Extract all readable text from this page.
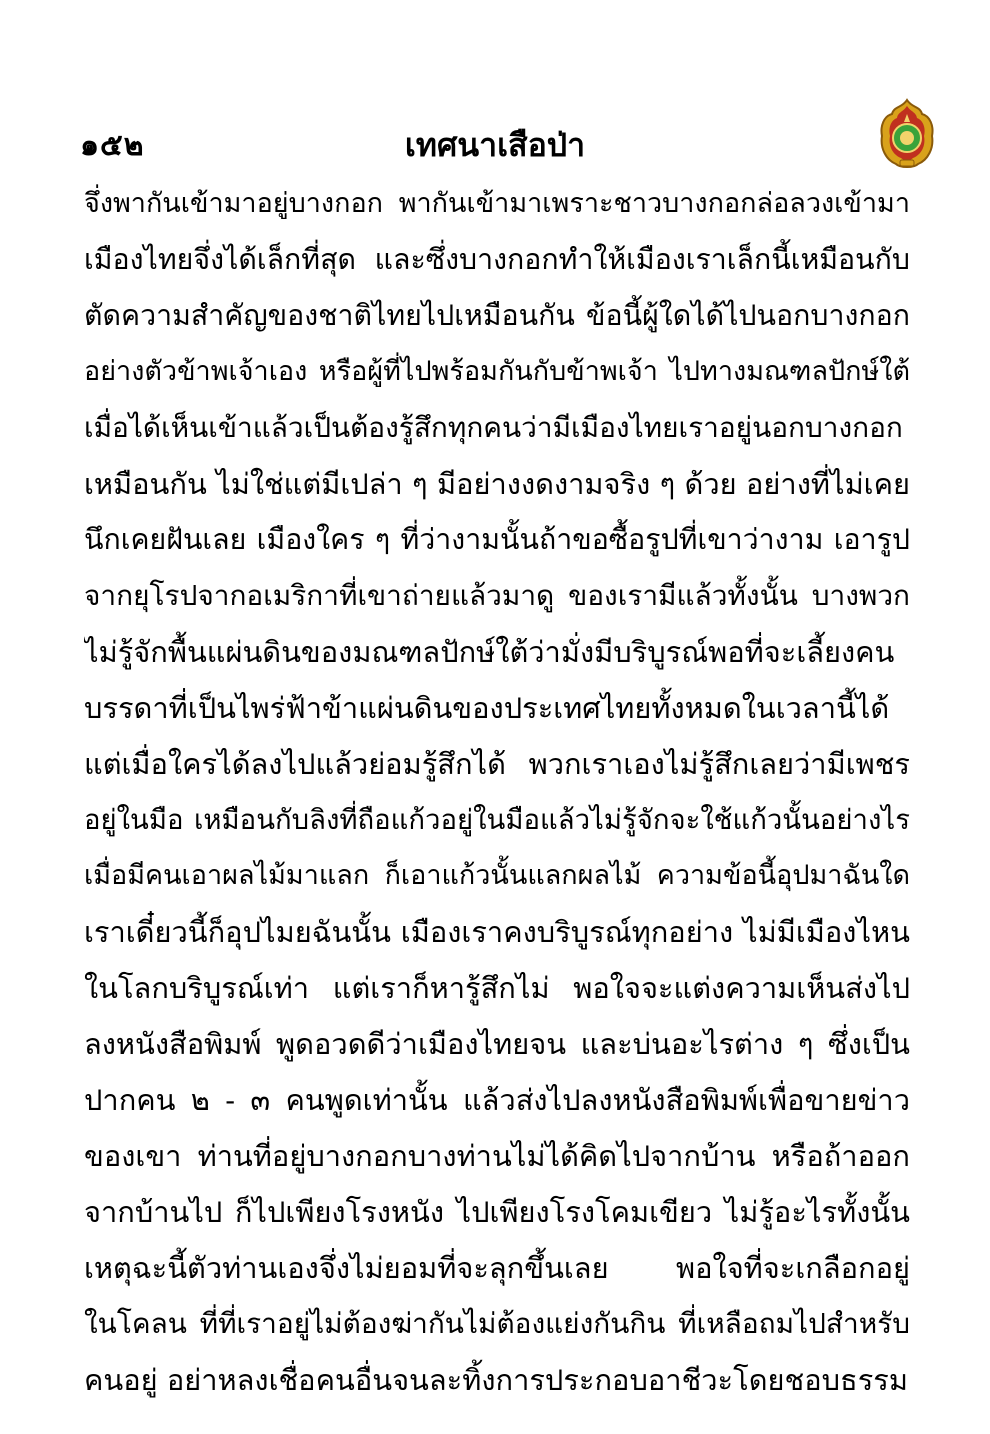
๑๕๒	เทศนาเสือป่า
จึ่งพากันเข้ามาอยู่บางกอก พากันเข้ามาเพราะชาวบางกอกล่อลวงเข้ามา
เมืองไทยจึ่งได้เล็กที่สุด และซึ่งบางกอกทำให้เมืองเราเล็กนี้เหมือนกับ
ตัดความสำคัญของชาติไทยไปเหมือนกัน ข้อนี้ผู้ใดได้ไปนอกบางกอก
อย่างตัวข้าพเจ้าเอง หรือผู้ที่ไปพร้อมกันกับข้าพเจ้า ไปทางมณฑลปักษ์ใต้
เมื่อได้เห็นเข้าแล้วเป็นต้องรู้สึกทุกคนว่ามีเมืองไทยเราอยู่นอกบางกอก
เหมือนกัน ไม่ใช่แต่มีเปล่า ๆ มีอย่างงดงามจริง ๆ ด้วย อย่างที่ไม่เคย
นึกเคยฝันเลย เมืองใคร ๆ ที่ว่างามนั้นถ้าขอซื้อรูปที่เขาว่างาม เอารูป
จากยุโรปจากอเมริกาที่เขาถ่ายแล้วมาดู ของเรามีแล้วทั้งนั้น บางพวก
ไม่รู้จักพื้นแผ่นดินของมณฑลปักษ์ใต้ว่ามั่งมีบริบูรณ์พอที่จะเลี้ยงคน
บรรดาที่เป็นไพร่ฟ้าข้าแผ่นดินของประเทศไทยทั้งหมดในเวลานี้ได้
แต่เมื่อใครได้ลงไปแล้วย่อมรู้สึกได้ พวกเราเองไม่รู้สึกเลยว่ามีเพชร
อยู่ในมือ เหมือนกับลิงที่ถือแก้วอยู่ในมือแล้วไม่รู้จักจะใช้แก้วนั้นอย่างไร
เมื่อมีคนเอาผลไม้มาแลก ก็เอาแก้วนั้นแลกผลไม้ ความข้อนี้อุปมาฉันใด
เราเดี๋ยวนี้ก็อุปไมยฉันนั้น เมืองเราคงบริบูรณ์ทุกอย่าง ไม่มีเมืองไหน
ในโลกบริบูรณ์เท่า แต่เราก็หารู้สึกไม่ พอใจจะแต่งความเห็นส่งไป
ลงหนังสือพิมพ์ พูดอวดดีว่าเมืองไทยจน และบ่นอะไรต่าง ๆ ซึ่งเป็น
ปากคน ๒ - ๓ คนพูดเท่านั้น แล้วส่งไปลงหนังสือพิมพ์เพื่อขายข่าว
ของเขา ท่านที่อยู่บางกอกบางท่านไม่ได้คิดไปจากบ้าน หรือถ้าออก
จากบ้านไป ก็ไปเพียงโรงหนัง ไปเพียงโรงโคมเขียว ไม่รู้อะไรทั้งนั้น
เหตุฉะนี้ตัวท่านเองจึ่งไม่ยอมที่จะลุกขึ้นเลย พอใจที่จะเกลือกอยู่
ในโคลน ที่ที่เราอยู่ไม่ต้องฆ่ากันไม่ต้องแย่งกันกิน ที่เหลือถมไปสำหรับ
คนอยู่ อย่าหลงเชื่อคนอื่นจนละทิ้งการประกอบอาชีวะโดยชอบธรรม
